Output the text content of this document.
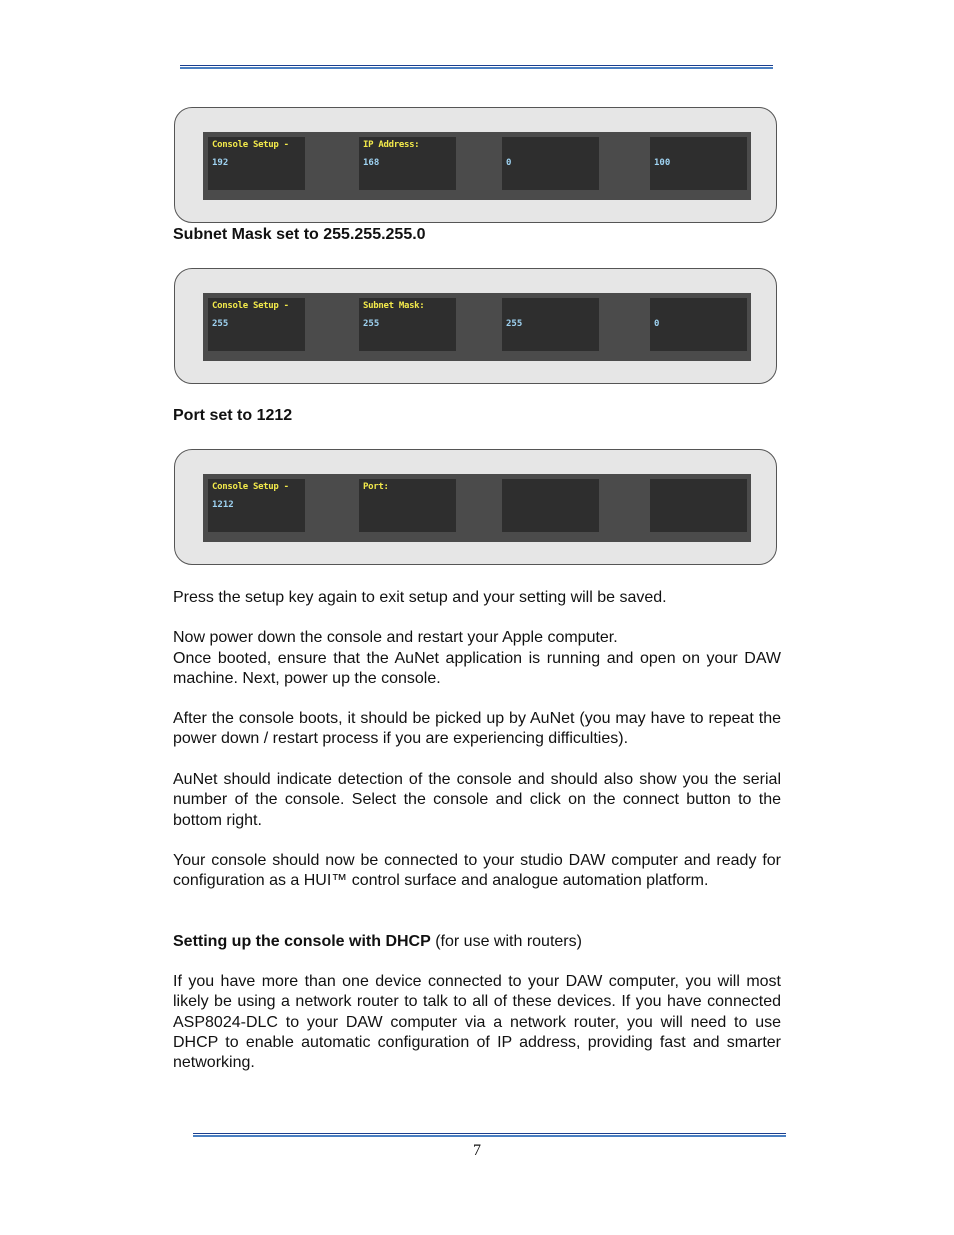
Console Setup -
192
IP Address:
168	0	100
Subnet Mask set to 255.255.255.0
Console Setup -
255
Subnet Mask:
255	255	0
Port set to 1212
Console Setup -
1212
Port:
Press the setup key again to exit setup and your setting will be saved.
Now power down the console and restart your Apple computer.
Once booted, ensure that the AuNet application is running and open on your DAW machine. Next, power up the console.
After the console boots, it should be picked up by AuNet (you may have to repeat the power down / restart process if you are experiencing difficulties).
AuNet should indicate detection of the console and should also show you the serial number of the console. Select the console and click on the connect button to the bottom right.
Your console should now be connected to your studio DAW computer and ready for configuration as a HUI™ control surface and analogue automation platform.
Setting up the console with DHCP (for use with routers)
If you have more than one device connected to your DAW computer, you will most likely be using a network router to talk to all of these devices. If you have connected ASP8024-DLC to your DAW computer via a network router, you will need to use DHCP to enable automatic configuration of IP address, providing fast and smarter networking.
7
